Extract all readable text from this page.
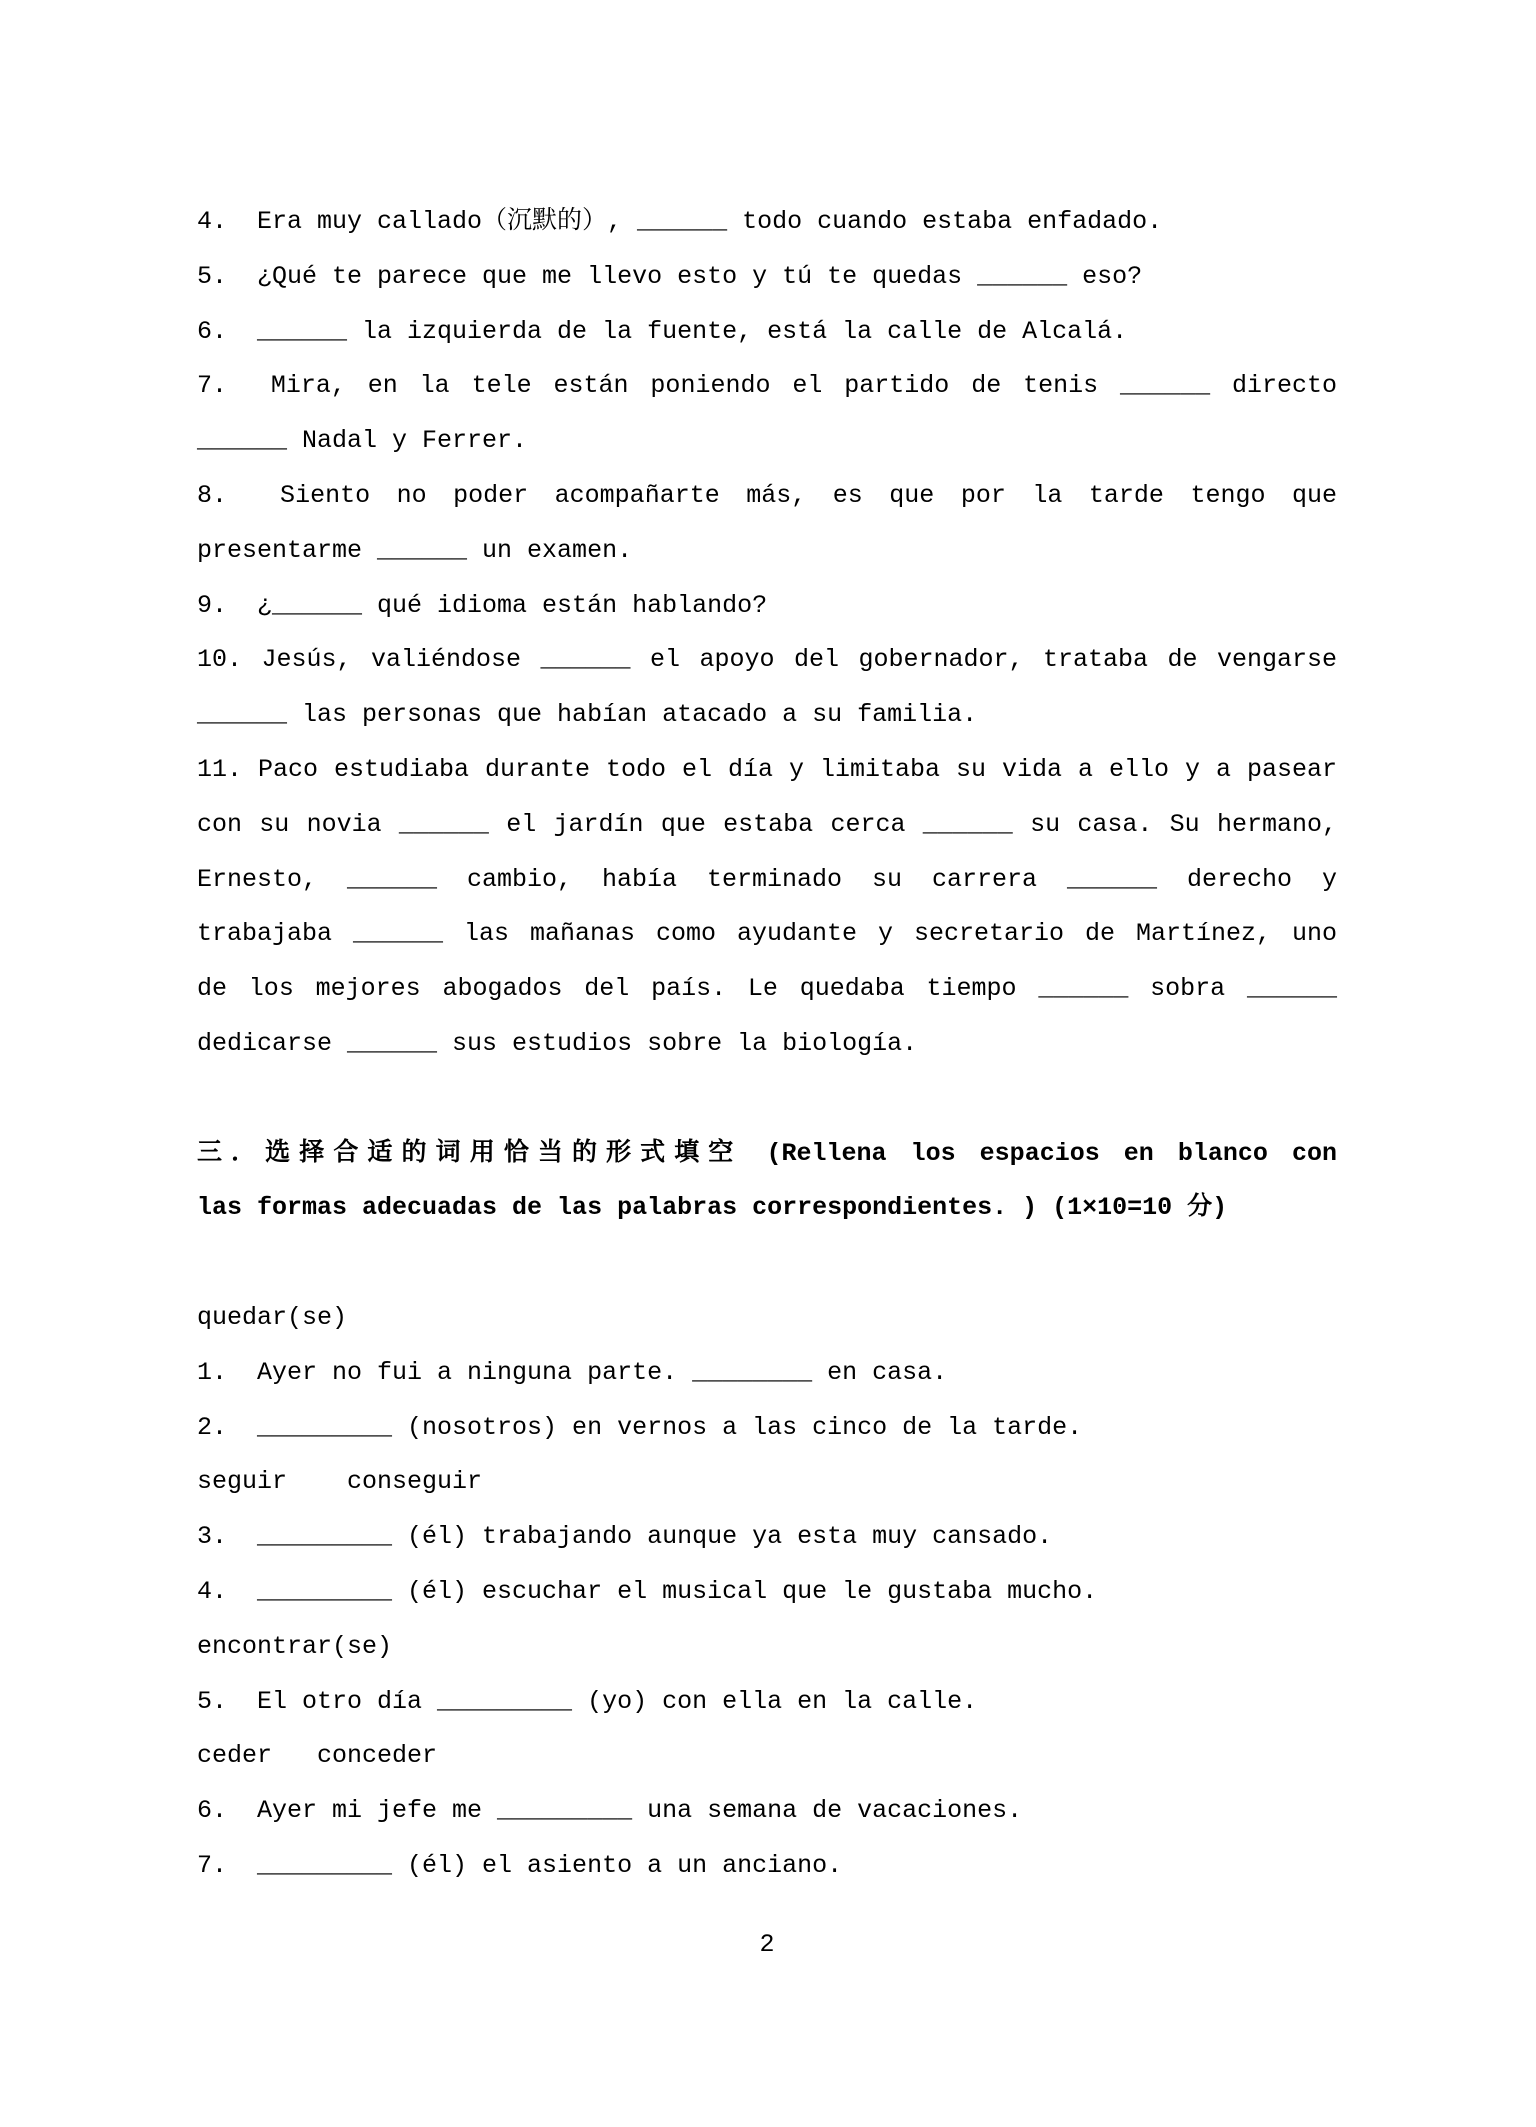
4.  Era muy callado（沉默的）, ______ todo cuando estaba enfadado.
5.  ¿Qué te parece que me llevo esto y tú te quedas ______ eso?
6.  ______ la izquierda de la fuente, está la calle de Alcalá.
7.  Mira, en la tele están poniendo el partido de tenis ______ directo
______ Nadal y Ferrer.
8.  Siento no poder acompañarte más, es que por la tarde tengo que
presentarme ______ un examen.
9.  ¿______ qué idioma están hablando?
10. Jesús, valiéndose ______ el apoyo del gobernador, trataba de vengarse
______ las personas que habían atacado a su familia.
11. Paco estudiaba durante todo el día y limitaba su vida a ello y a pasear
con su novia ______ el jardín que estaba cerca ______ su casa. Su hermano,
Ernesto, ______ cambio, había terminado su carrera ______ derecho y
trabajaba ______ las mañanas como ayudante y secretario de Martínez, uno
de los mejores abogados del país. Le quedaba tiempo ______ sobra ______
dedicarse ______ sus estudios sobre la biología.
三．选择合适的词用恰当的形式填空 (Rellena los espacios en blanco con
las formas adecuadas de las palabras correspondientes. ) (1×10=10 分)
quedar(se)
1.  Ayer no fui a ninguna parte. ________ en casa.
2.  _________ (nosotros) en vernos a las cinco de la tarde.
seguir    conseguir
3.  _________ (él) trabajando aunque ya esta muy cansado.
4.  _________ (él) escuchar el musical que le gustaba mucho.
encontrar(se)
5.  El otro día _________ (yo) con ella en la calle.
ceder   conceder
6.  Ayer mi jefe me _________ una semana de vacaciones.
7.  _________ (él) el asiento a un anciano.
2
